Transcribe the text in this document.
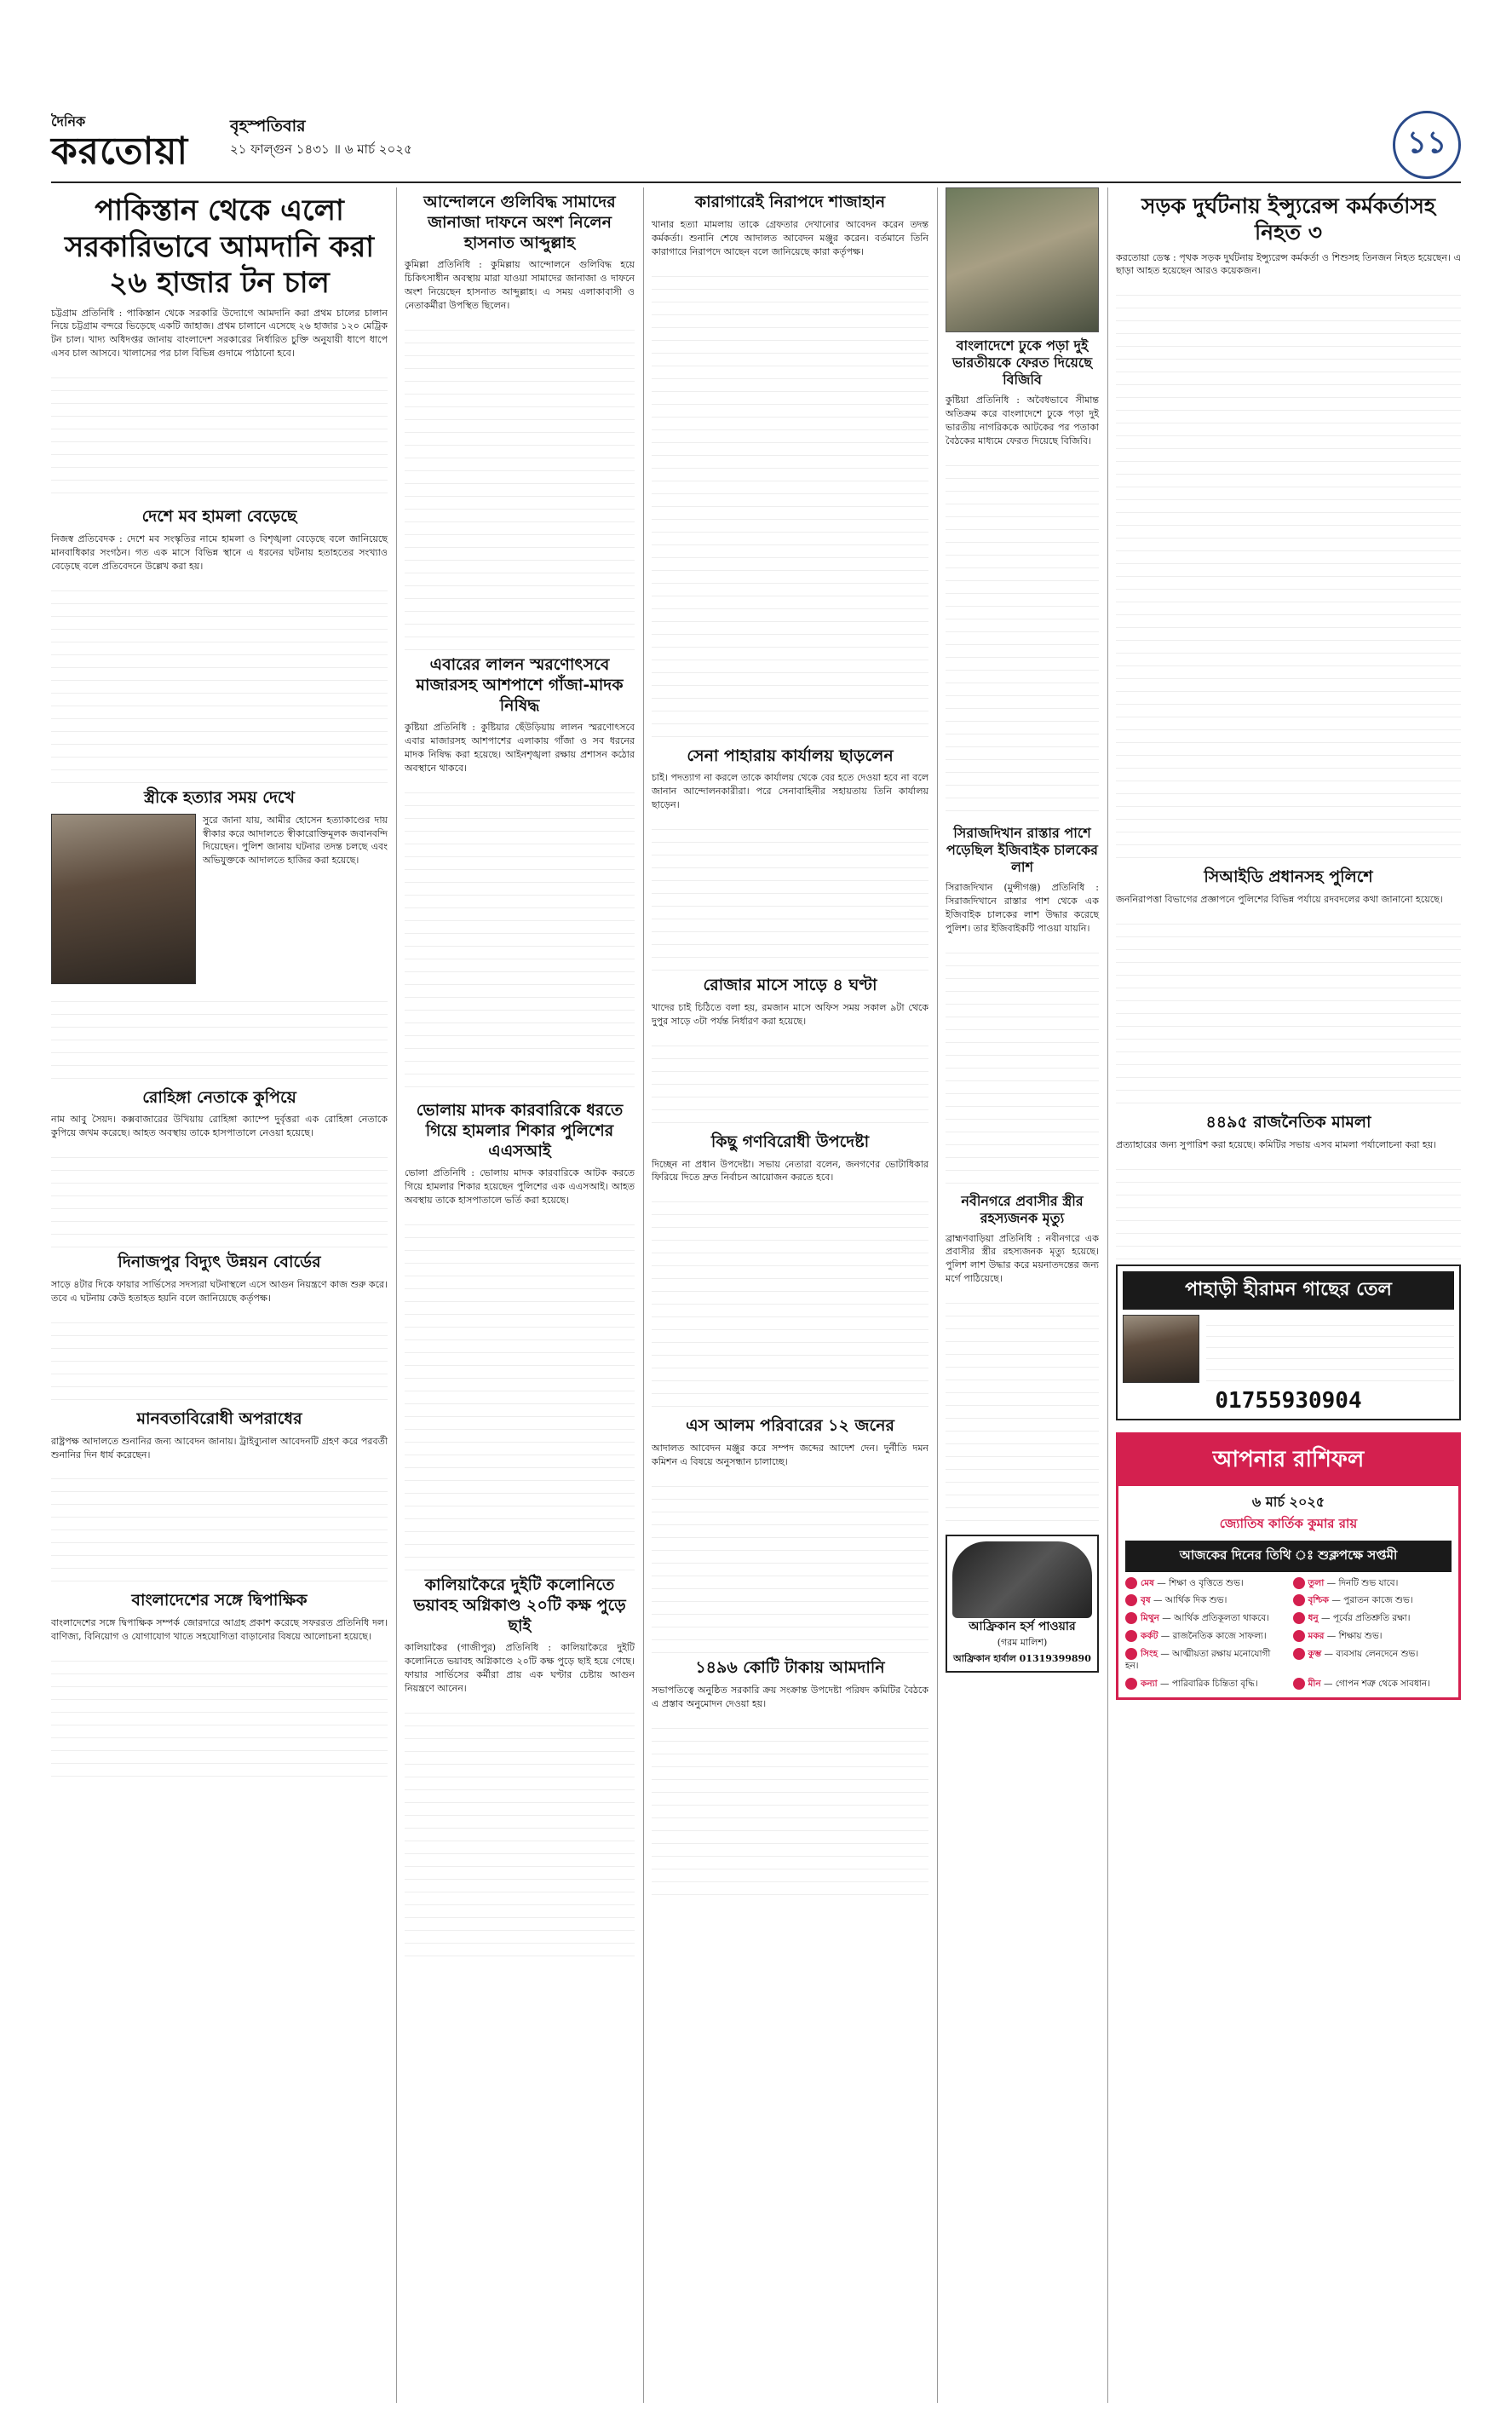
দৈনিক
করতোয়া
বৃহস্পতিবার
২১ ফাল্গুন ১৪৩১ ॥ ৬ মার্চ ২০২৫	১১
পাকিস্তান থেকে এলো সরকারিভাবে আমদানি করা ২৬ হাজার টন চাল

চট্টগ্রাম প্রতিনিধি : পাকিস্তান থেকে সরকারি উদ্যোগে আমদানি করা প্রথম চালের চালান নিয়ে চট্টগ্রাম বন্দরে ভিড়েছে একটি জাহাজ। প্রথম চালানে এসেছে ২৬ হাজার ১২০ মেট্রিক টন চাল। খাদ্য অধিদপ্তর জানায় বাংলাদেশ সরকারের নির্ধারিত চুক্তি অনুযায়ী ধাপে ধাপে এসব চাল আসবে। খালাসের পর চাল বিভিন্ন গুদামে পাঠানো হবে।

দেশে মব হামলা বেড়েছে

নিজস্ব প্রতিবেদক : দেশে মব সংস্কৃতির নামে হামলা ও বিশৃঙ্খলা বেড়েছে বলে জানিয়েছে মানবাধিকার সংগঠন। গত এক মাসে বিভিন্ন স্থানে এ ধরনের ঘটনায় হতাহতের সংখ্যাও বেড়েছে বলে প্রতিবেদনে উল্লেখ করা হয়।

স্ত্রীকে হত্যার সময় দেখে

সুরে জানা যায়, আমীর হোসেন হত্যাকাণ্ডের দায় স্বীকার করে আদালতে স্বীকারোক্তিমূলক জবানবন্দি দিয়েছেন। পুলিশ জানায় ঘটনার তদন্ত চলছে এবং অভিযুক্তকে আদালতে হাজির করা হয়েছে।

রোহিঙ্গা নেতাকে কুপিয়ে

নাম আবু সৈয়দ। কক্সবাজারের উখিয়ায় রোহিঙ্গা ক্যাম্পে দুর্বৃত্তরা এক রোহিঙ্গা নেতাকে কুপিয়ে জখম করেছে। আহত অবস্থায় তাকে হাসপাতালে নেওয়া হয়েছে।

দিনাজপুর বিদ্যুৎ উন্নয়ন বোর্ডের

সাড়ে ৪টার দিকে ফায়ার সার্ভিসের সদস্যরা ঘটনাস্থলে এসে আগুন নিয়ন্ত্রণে কাজ শুরু করে। তবে এ ঘটনায় কেউ হতাহত হয়নি বলে জানিয়েছে কর্তৃপক্ষ।

মানবতাবিরোধী অপরাধের

রাষ্ট্রপক্ষ আদালতে শুনানির জন্য আবেদন জানায়। ট্রাইব্যুনাল আবেদনটি গ্রহণ করে পরবর্তী শুনানির দিন ধার্য করেছেন।

বাংলাদেশের সঙ্গে দ্বিপাক্ষিক

বাংলাদেশের সঙ্গে দ্বিপাক্ষিক সম্পর্ক জোরদারে আগ্রহ প্রকাশ করেছে সফররত প্রতিনিধি দল। বাণিজ্য, বিনিয়োগ ও যোগাযোগ খাতে সহযোগিতা বাড়ানোর বিষয়ে আলোচনা হয়েছে।

আন্দোলনে গুলিবিদ্ধ সামাদের জানাজা দাফনে অংশ নিলেন হাসনাত আব্দুল্লাহ

কুমিল্লা প্রতিনিধি : কুমিল্লায় আন্দোলনে গুলিবিদ্ধ হয়ে চিকিৎসাধীন অবস্থায় মারা যাওয়া সামাদের জানাজা ও দাফনে অংশ নিয়েছেন হাসনাত আব্দুল্লাহ। এ সময় এলাকাবাসী ও নেতাকর্মীরা উপস্থিত ছিলেন।

এবারের লালন স্মরণোৎসবে মাজারসহ আশপাশে গাঁজা-মাদক নিষিদ্ধ

কুষ্টিয়া প্রতিনিধি : কুষ্টিয়ার ছেঁউড়িয়ায় লালন স্মরণোৎসবে এবার মাজারসহ আশপাশের এলাকায় গাঁজা ও সব ধরনের মাদক নিষিদ্ধ করা হয়েছে। আইনশৃঙ্খলা রক্ষায় প্রশাসন কঠোর অবস্থানে থাকবে।

ভোলায় মাদক কারবারিকে ধরতে গিয়ে হামলার শিকার পুলিশের এএসআই

ভোলা প্রতিনিধি : ভোলায় মাদক কারবারিকে আটক করতে গিয়ে হামলার শিকার হয়েছেন পুলিশের এক এএসআই। আহত অবস্থায় তাকে হাসপাতালে ভর্তি করা হয়েছে।

কালিয়াকৈরে দুইটি কলোনিতে ভয়াবহ অগ্নিকাণ্ড ২০টি কক্ষ পুড়ে ছাই

কালিয়াকৈর (গাজীপুর) প্রতিনিধি : কালিয়াকৈরে দুইটি কলোনিতে ভয়াবহ অগ্নিকাণ্ডে ২০টি কক্ষ পুড়ে ছাই হয়ে গেছে। ফায়ার সার্ভিসের কর্মীরা প্রায় এক ঘণ্টার চেষ্টায় আগুন নিয়ন্ত্রণে আনেন।

কারাগারেই নিরাপদে শাজাহান

খানার হত্যা মামলায় তাকে গ্রেফতার দেখানোর আবেদন করেন তদন্ত কর্মকর্তা। শুনানি শেষে আদালত আবেদন মঞ্জুর করেন। বর্তমানে তিনি কারাগারে নিরাপদে আছেন বলে জানিয়েছে কারা কর্তৃপক্ষ।

সেনা পাহারায় কার্যালয় ছাড়লেন

চাই। পদত্যাগ না করলে তাকে কার্যালয় থেকে বের হতে দেওয়া হবে না বলে জানান আন্দোলনকারীরা। পরে সেনাবাহিনীর সহায়তায় তিনি কার্যালয় ছাড়েন।

রোজার মাসে সাড়ে ৪ ঘণ্টা

খাদের চাই চিঠিতে বলা হয়, রমজান মাসে অফিস সময় সকাল ৯টা থেকে দুপুর সাড়ে ৩টা পর্যন্ত নির্ধারণ করা হয়েছে।

কিছু গণবিরোধী উপদেষ্টা

দিচ্ছেন না প্রধান উপদেষ্টা। সভায় নেতারা বলেন, জনগণের ভোটাধিকার ফিরিয়ে দিতে দ্রুত নির্বাচন আয়োজন করতে হবে।

এস আলম পরিবারের ১২ জনের

আদালত আবেদন মঞ্জুর করে সম্পদ জব্দের আদেশ দেন। দুর্নীতি দমন কমিশন এ বিষয়ে অনুসন্ধান চালাচ্ছে।

১৪৯৬ কোটি টাকায় আমদানি

সভাপতিত্বে অনুষ্ঠিত সরকারি ক্রয় সংক্রান্ত উপদেষ্টা পরিষদ কমিটির বৈঠকে এ প্রস্তাব অনুমোদন দেওয়া হয়।

বাংলাদেশে ঢুকে পড়া দুই ভারতীয়কে ফেরত দিয়েছে বিজিবি

কুষ্টিয়া প্রতিনিধি : অবৈধভাবে সীমান্ত অতিক্রম করে বাংলাদেশে ঢুকে পড়া দুই ভারতীয় নাগরিককে আটকের পর পতাকা বৈঠকের মাধ্যমে ফেরত দিয়েছে বিজিবি।

সিরাজদিখান রাস্তার পাশে পড়েছিল ইজিবাইক চালকের লাশ

সিরাজদিখান (মুন্সীগঞ্জ) প্রতিনিধি : সিরাজদিখানে রাস্তার পাশ থেকে এক ইজিবাইক চালকের লাশ উদ্ধার করেছে পুলিশ। তার ইজিবাইকটি পাওয়া যায়নি।

নবীনগরে প্রবাসীর স্ত্রীর রহস্যজনক মৃত্যু

ব্রাহ্মণবাড়িয়া প্রতিনিধি : নবীনগরে এক প্রবাসীর স্ত্রীর রহস্যজনক মৃত্যু হয়েছে। পুলিশ লাশ উদ্ধার করে ময়নাতদন্তের জন্য মর্গে পাঠিয়েছে।

আফ্রিকান হর্স পাওয়ার
(গরম মালিশ)
আফ্রিকান হার্বাল 01319399890
সড়ক দুর্ঘটনায় ইন্স্যুরেন্স কর্মকর্তাসহ নিহত ৩

করতোয়া ডেস্ক : পৃথক সড়ক দুর্ঘটনায় ইন্স্যুরেন্স কর্মকর্তা ও শিশুসহ তিনজন নিহত হয়েছেন। এ ছাড়া আহত হয়েছেন আরও কয়েকজন।

সিআইডি প্রধানসহ পুলিশে

জননিরাপত্তা বিভাগের প্রজ্ঞাপনে পুলিশের বিভিন্ন পর্যায়ে রদবদলের কথা জানানো হয়েছে।

৪৪৯৫ রাজনৈতিক মামলা

প্রত্যাহারের জন্য সুপারিশ করা হয়েছে। কমিটির সভায় এসব মামলা পর্যালোচনা করা হয়।

পাহাড়ী হীরামন গাছের তেল
01755930904
আপনার রাশিফল
৬ মার্চ ২০২৫
জ্যোতিষ কার্তিক কুমার রায়
আজকের দিনের তিথি ঃ শুক্লপক্ষে সপ্তমী
মেষ — শিক্ষা ও বৃত্তিতে শুভ।	তুলা — দিনটি শুভ যাবে।
বৃষ — আর্থিক দিক শুভ।	বৃশ্চিক — পুরাতন কাজে শুভ।
মিথুন — আর্থিক প্রতিকূলতা থাকবে।	ধনু — পূর্বের প্রতিশ্রুতি রক্ষা।
কর্কট — রাজনৈতিক কাজে সাফল্য।	মকর — শিক্ষায় শুভ।
সিংহ — আত্মীয়তা রক্ষায় মনোযোগী হন।
কুম্ভ — ব্যবসায় লেনদেনে শুভ।
কন্যা — পারিবারিক চিন্তিতা বৃদ্ধি।	মীন — গোপন শত্রু থেকে সাবধান।
